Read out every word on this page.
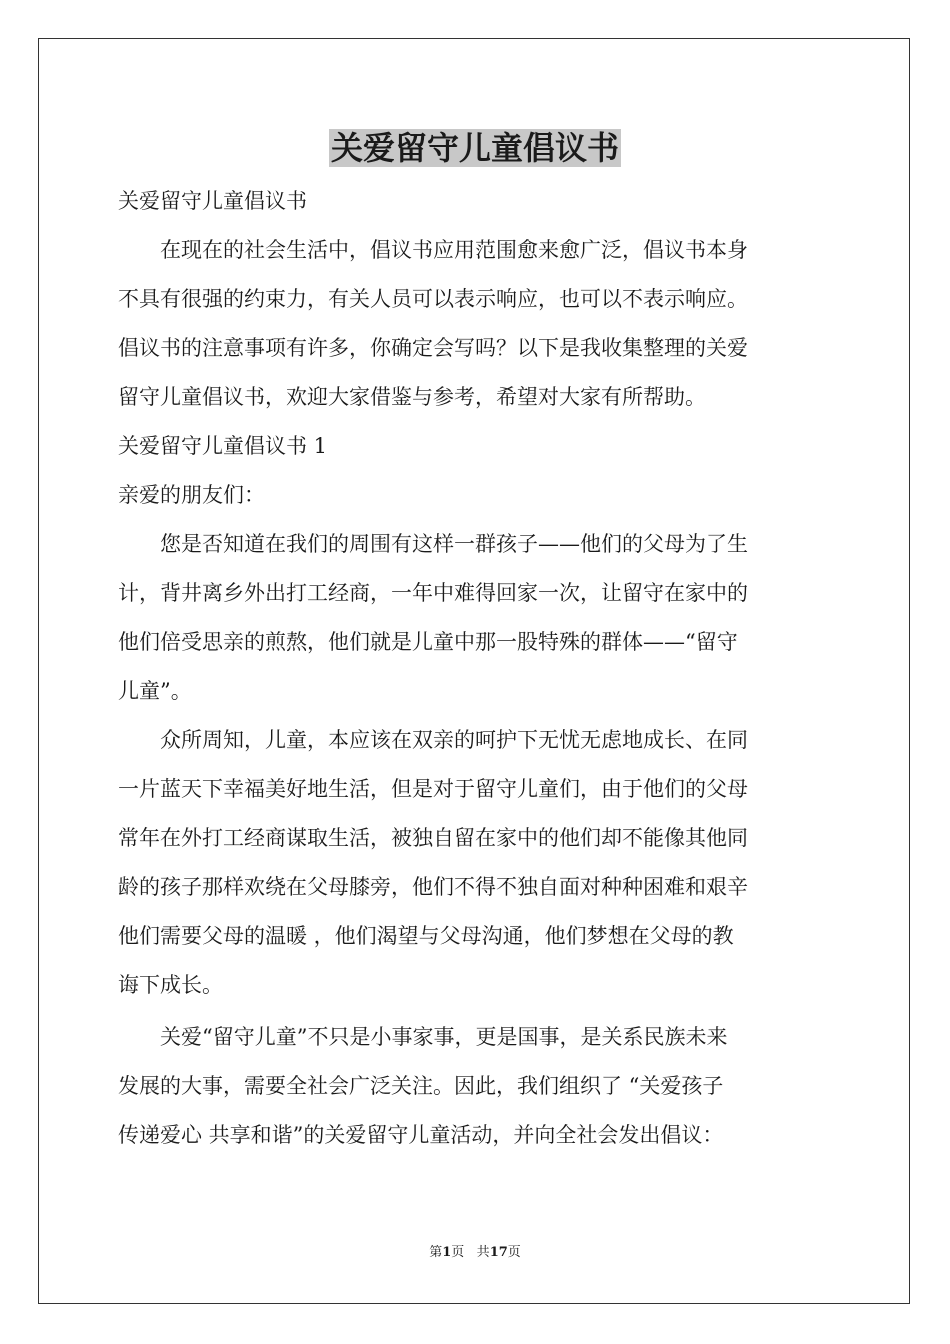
关爱留守儿童倡议书

关爱留守儿童倡议书

在现在的社会生活中，倡议书应用范围愈来愈广泛，倡议书本身

不具有很强的约束力，有关人员可以表示响应，也可以不表示响应。

倡议书的注意事项有许多，你确定会写吗？以下是我收集整理的关爱

留守儿童倡议书，欢迎大家借鉴与参考，希望对大家有所帮助。

关爱留守儿童倡议书 1

亲爱的朋友们：

您是否知道在我们的周围有这样一群孩子——他们的父母为了生

计，背井离乡外出打工经商，一年中难得回家一次，让留守在家中的

他们倍受思亲的煎熬，他们就是儿童中那一股特殊的群体——“留守

儿童”。

众所周知，儿童，本应该在双亲的呵护下无忧无虑地成长、在同

一片蓝天下幸福美好地生活，但是对于留守儿童们，由于他们的父母

常年在外打工经商谋取生活，被独自留在家中的他们却不能像其他同

龄的孩子那样欢绕在父母膝旁，他们不得不独自面对种种困难和艰辛

他们需要父母的温暖 ，他们渴望与父母沟通，他们梦想在父母的教

诲下成长。

关爱“留守儿童”不只是小事家事，更是国事，是关系民族未来

发展的大事，需要全社会广泛关注。因此，我们组织了 “关爱孩子

传递爱心 共享和谐”的关爱留守儿童活动，并向全社会发出倡议：

第1页 共17页
